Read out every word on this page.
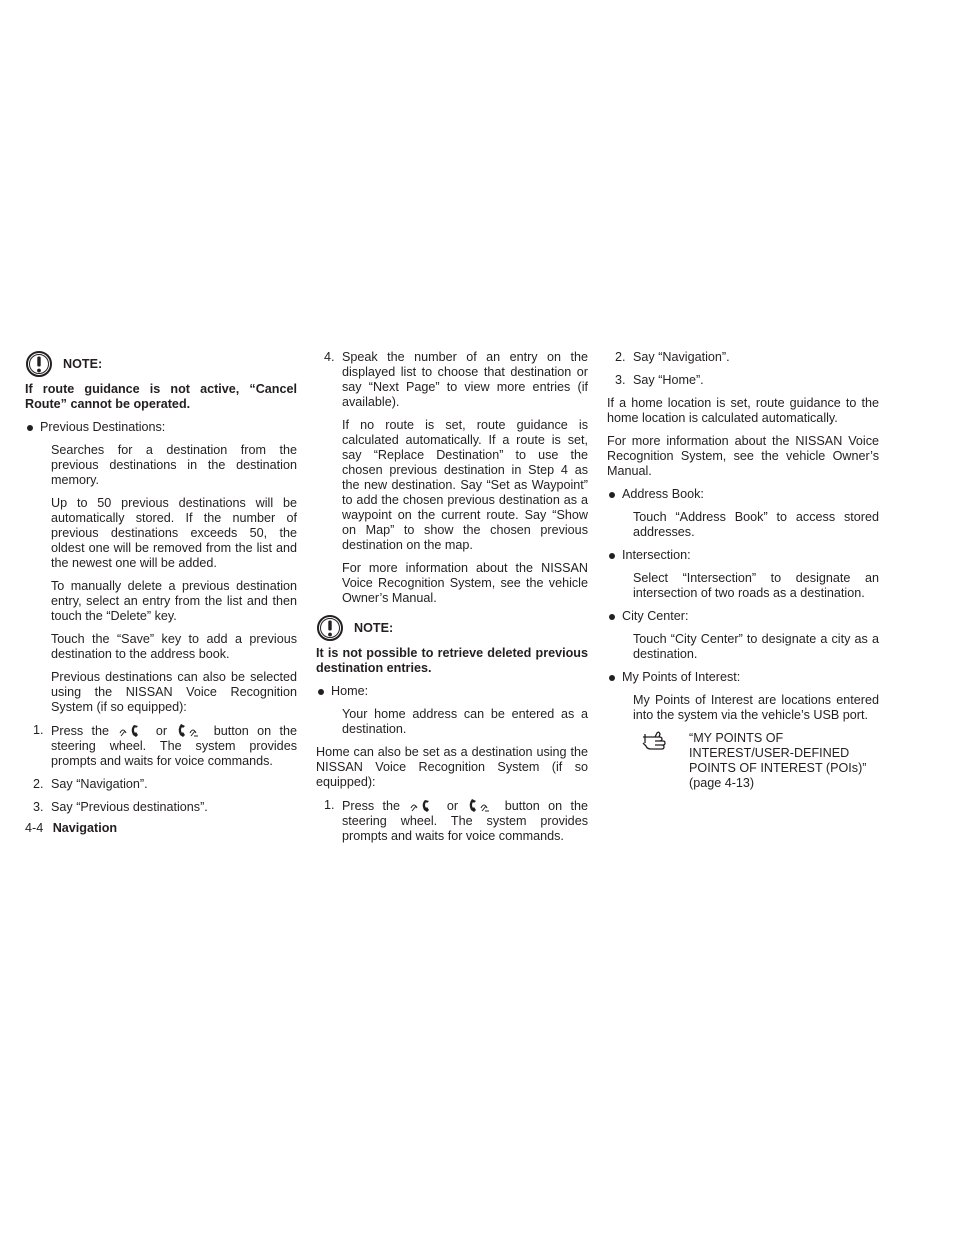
NOTE:

If route guidance is not active, “Cancel Route” cannot be operated.

Previous Destinations:

Searches for a destination from the previous destinations in the destination memory.

Up to 50 previous destinations will be automatically stored. If the number of previous destinations exceeds 50, the oldest one will be removed from the list and the newest one will be added.

To manually delete a previous destination entry, select an entry from the list and then touch the “Delete” key.

Touch the “Save” key to add a previous destination to the address book.

Previous destinations can also be selected using the NISSAN Voice Recognition System (if so equipped):

1. Press the	or	button on the steering wheel. The system provides prompts and waits for voice commands.

2. Say “Navigation”.

3. Say “Previous destinations”.

4. Speak the number of an entry on the displayed list to choose that destination or say “Next Page” to view more entries (if available).

If no route is set, route guidance is calculated automatically. If a route is set, say “Replace Destination” to use the chosen previous destination in Step 4 as the new destination. Say “Set as Waypoint” to add the chosen previous destination as a waypoint on the current route. Say “Show on Map” to show the chosen previous destination on the map.

For more information about the NISSAN Voice Recognition System, see the vehicle Owner’s Manual.

NOTE:

It is not possible to retrieve deleted previous destination entries.

Home:

Your home address can be entered as a destination.

Home can also be set as a destination using the NISSAN Voice Recognition System (if so equipped):

1. Press the	or	button on the steering wheel. The system provides prompts and waits for voice commands.

2. Say “Navigation”.

3. Say “Home”.

If a home location is set, route guidance to the home location is calculated automatically.

For more information about the NISSAN Voice Recognition System, see the vehicle Owner’s Manual.

Address Book:

Touch “Address Book” to access stored addresses.

Intersection:

Select “Intersection” to designate an intersection of two roads as a destination.

City Center:

Touch “City Center” to designate a city as a destination.

My Points of Interest:

My Points of Interest are locations entered into the system via the vehicle’s USB port.

“MY POINTS OF INTEREST/USER-DEFINED POINTS OF INTEREST (POIs)” (page 4-13)
4-4 Navigation
